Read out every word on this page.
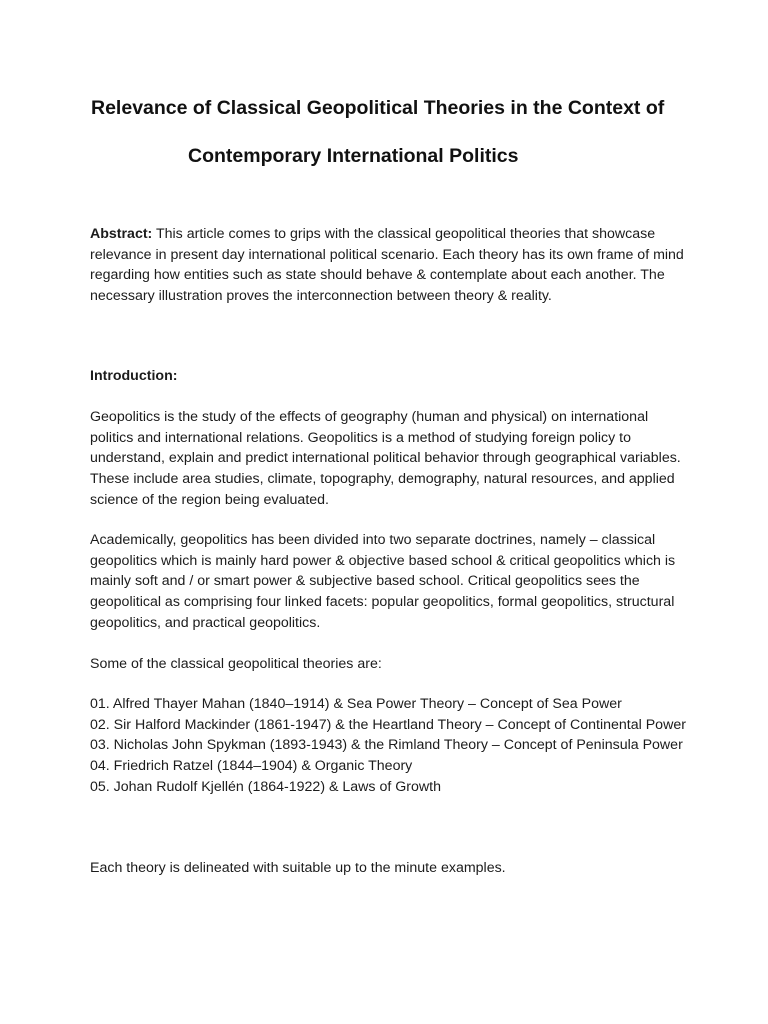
Relevance of Classical Geopolitical Theories in the Context of
Contemporary International Politics

Abstract: This article comes to grips with the classical geopolitical theories that showcase relevance in present day international political scenario. Each theory has its own frame of mind regarding how entities such as state should behave & contemplate about each another. The necessary illustration proves the interconnection between theory & reality.

Introduction:

Geopolitics is the study of the effects of geography (human and physical) on international politics and international relations. Geopolitics is a method of studying foreign policy to understand, explain and predict international political behavior through geographical variables. These include area studies, climate, topography, demography, natural resources, and applied science of the region being evaluated.

Academically, geopolitics has been divided into two separate doctrines, namely – classical geopolitics which is mainly hard power & objective based school & critical geopolitics which is mainly soft and / or smart power & subjective based school. Critical geopolitics sees the geopolitical as comprising four linked facets: popular geopolitics, formal geopolitics, structural geopolitics, and practical geopolitics.

Some of the classical geopolitical theories are:

01. Alfred Thayer Mahan (1840–1914) & Sea Power Theory – Concept of Sea Power

02. Sir Halford Mackinder (1861-1947) & the Heartland Theory – Concept of Continental Power

03. Nicholas John Spykman (1893-1943) & the Rimland Theory – Concept of Peninsula Power

04. Friedrich Ratzel (1844–1904) & Organic Theory

05. Johan Rudolf Kjellén (1864-1922) & Laws of Growth

Each theory is delineated with suitable up to the minute examples.
